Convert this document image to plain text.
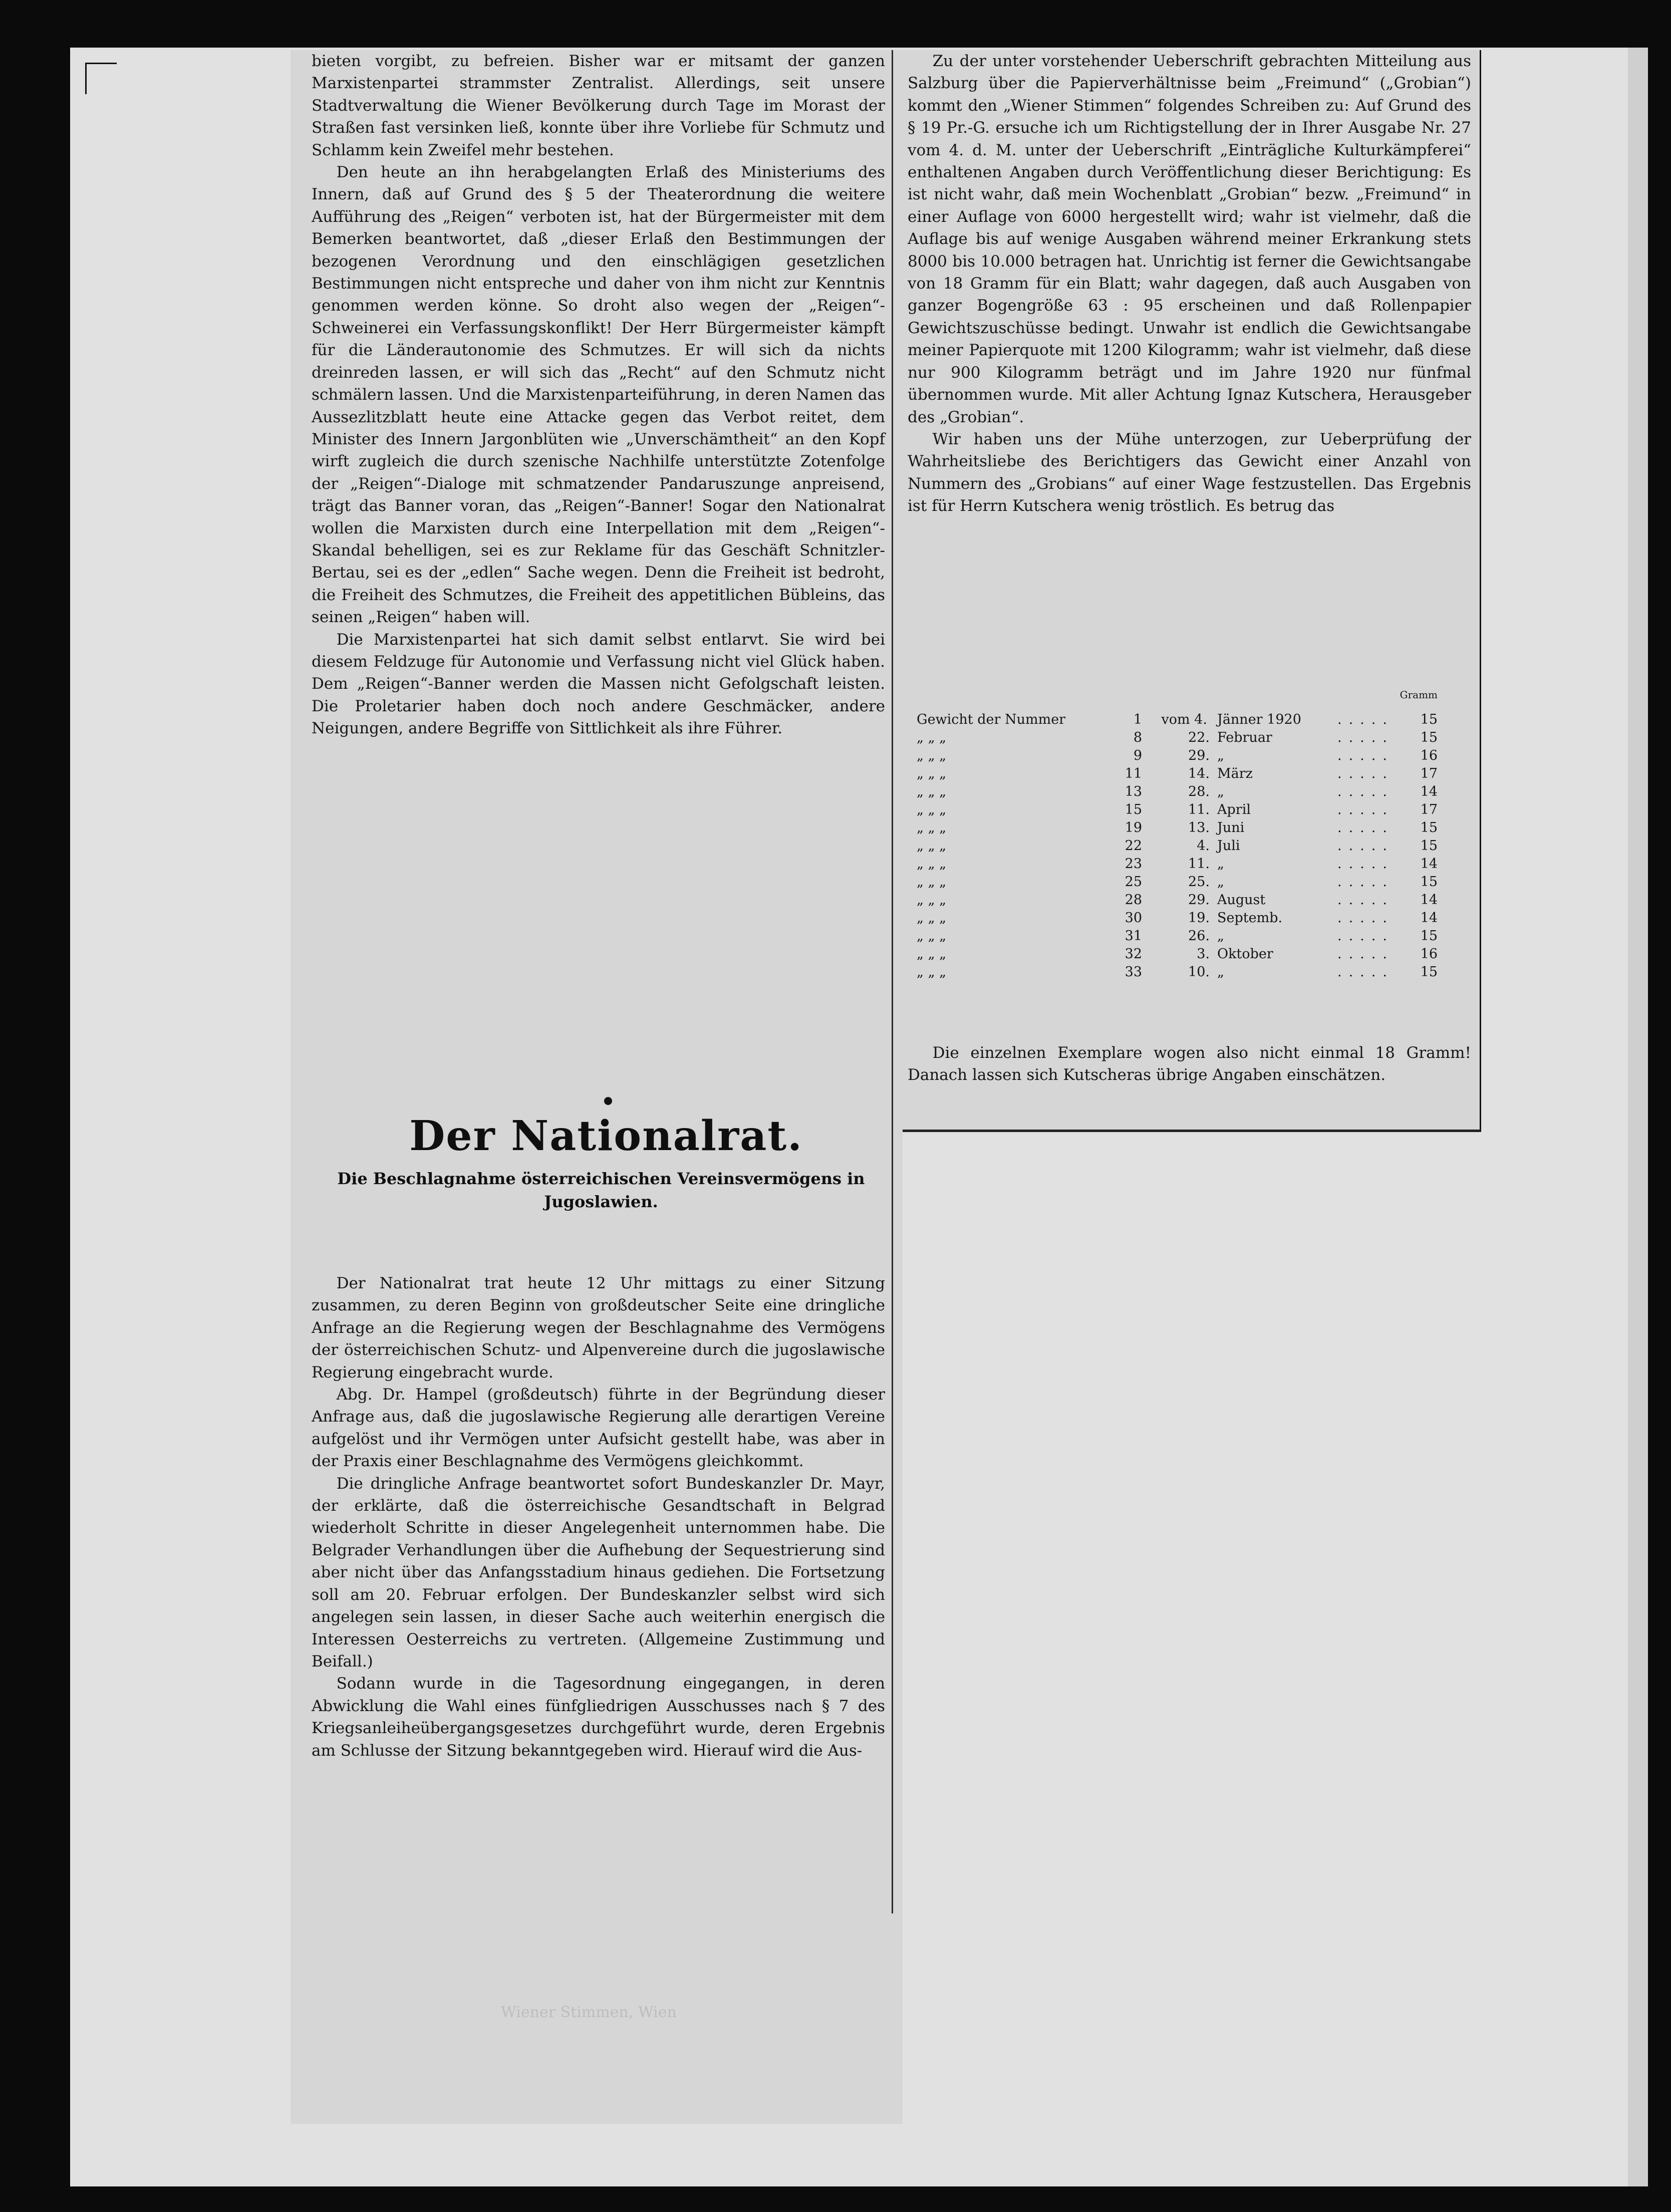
bieten vorgibt, zu befreien. Bisher war er mitsamt der ganzen Marxistenpartei strammster Zentralist. Allerdings, seit unsere Stadtverwaltung die Wiener Bevölkerung durch Tage im Morast der Straßen fast versinken ließ, konnte über ihre Vorliebe für Schmutz und Schlamm kein Zweifel mehr bestehen.

Den heute an ihn herabgelangten Erlaß des Ministeriums des Innern, daß auf Grund des § 5 der Theaterordnung die weitere Aufführung des „Reigen“ verboten ist, hat der Bürgermeister mit dem Bemerken beantwortet, daß „dieser Erlaß den Bestimmungen der bezogenen Verordnung und den einschlägigen gesetzlichen Bestimmungen nicht entspreche und daher von ihm nicht zur Kenntnis genommen werden könne. So droht also wegen der „Reigen“-Schweinerei ein Verfassungskonflikt! Der Herr Bürgermeister kämpft für die Länderautonomie des Schmutzes. Er will sich da nichts dreinreden lassen, er will sich das „Recht“ auf den Schmutz nicht schmälern lassen. Und die Marxistenparteiführung, in deren Namen das Aussezlitzblatt heute eine Attacke gegen das Verbot reitet, dem Minister des Innern Jargonblüten wie „Unverschämtheit“ an den Kopf wirft zugleich die durch szenische Nachhilfe unterstützte Zotenfolge der „Reigen“-Dialoge mit schmatzender Pandaruszunge anpreisend, trägt das Banner voran, das „Reigen“-Banner! Sogar den Nationalrat wollen die Marxisten durch eine Interpellation mit dem „Reigen“-Skandal behelligen, sei es zur Reklame für das Geschäft Schnitzler-Bertau, sei es der „edlen“ Sache wegen. Denn die Freiheit ist bedroht, die Freiheit des Schmutzes, die Freiheit des appetitlichen Bübleins, das seinen „Reigen“ haben will.

Die Marxistenpartei hat sich damit selbst entlarvt. Sie wird bei diesem Feldzuge für Autonomie und Verfassung nicht viel Glück haben. Dem „Reigen“-Banner werden die Massen nicht Gefolgschaft leisten. Die Proletarier haben doch noch andere Geschmäcker, andere Neigungen, andere Begriffe von Sittlichkeit als ihre Führer.

Der Nationalrat.
Die Beschlagnahme österreichischen Vereinsvermögens in Jugoslawien.

Der Nationalrat trat heute 12 Uhr mittags zu einer Sitzung zusammen, zu deren Beginn von großdeutscher Seite eine dringliche Anfrage an die Regierung wegen der Beschlagnahme des Vermögens der österreichischen Schutz- und Alpenvereine durch die jugoslawische Regierung eingebracht wurde.

Abg. Dr. Hampel (großdeutsch) führte in der Begründung dieser Anfrage aus, daß die jugoslawische Regierung alle derartigen Vereine aufgelöst und ihr Vermögen unter Aufsicht gestellt habe, was aber in der Praxis einer Beschlagnahme des Vermögens gleichkommt.

Die dringliche Anfrage beantwortet sofort Bundeskanzler Dr. Mayr, der erklärte, daß die österreichische Gesandtschaft in Belgrad wiederholt Schritte in dieser Angelegenheit unternommen habe. Die Belgrader Verhandlungen über die Aufhebung der Sequestrierung sind aber nicht über das Anfangsstadium hinaus gediehen. Die Fortsetzung soll am 20. Februar erfolgen. Der Bundeskanzler selbst wird sich angelegen sein lassen, in dieser Sache auch weiterhin energisch die Interessen Oesterreichs zu vertreten. (Allgemeine Zustimmung und Beifall.)

Sodann wurde in die Tagesordnung eingegangen, in deren Abwicklung die Wahl eines fünfgliedrigen Ausschusses nach § 7 des Kriegsanleiheübergangsgesetzes durchgeführt wurde, deren Ergebnis am Schlusse der Sitzung bekanntgegeben wird. Hierauf wird die Aus-

Zu der unter vorstehender Ueberschrift gebrachten Mitteilung aus Salzburg über die Papierverhältnisse beim „Freimund“ („Grobian“) kommt den „Wiener Stimmen“ folgendes Schreiben zu: Auf Grund des § 19 Pr.-G. ersuche ich um Richtigstellung der in Ihrer Ausgabe Nr. 27 vom 4. d. M. unter der Ueberschrift „Einträgliche Kulturkämpferei“ enthaltenen Angaben durch Veröffentlichung dieser Berichtigung: Es ist nicht wahr, daß mein Wochenblatt „Grobian“ bezw. „Freimund“ in einer Auflage von 6000 hergestellt wird; wahr ist vielmehr, daß die Auflage bis auf wenige Ausgaben während meiner Erkrankung stets 8000 bis 10.000 betragen hat. Unrichtig ist ferner die Gewichtsangabe von 18 Gramm für ein Blatt; wahr dagegen, daß auch Ausgaben von ganzer Bogengröße 63 : 95 erscheinen und daß Rollenpapier Gewichtszuschüsse bedingt. Unwahr ist endlich die Gewichtsangabe meiner Papierquote mit 1200 Kilogramm; wahr ist vielmehr, daß diese nur 900 Kilogramm beträgt und im Jahre 1920 nur fünfmal übernommen wurde. Mit aller Achtung Ignaz Kutschera, Herausgeber des „Grobian“.

Wir haben uns der Mühe unterzogen, zur Ueberprüfung der Wahrheitsliebe des Berichtigers das Gewicht einer Anzahl von Nummern des „Grobians“ auf einer Wage festzustellen. Das Ergebnis ist für Herrn Kutschera wenig tröstlich. Es betrug das

Gramm
Gewicht der Nummer	1	vom 4. Jänner 1920	..... 15
„ „ „	8	22. Februar	..... 15
„ „ „	9	29. „	..... 16
„ „ „	11	14. März	..... 17
„ „ „	13	28. „	..... 14
„ „ „	15	11. April	..... 17
„ „ „	19	13. Juni	..... 15
„ „ „	22	4. Juli	..... 15
„ „ „	23	11. „	..... 14
„ „ „	25	25. „	..... 15
„ „ „	28	29. August	..... 14
„ „ „	30	19. Septemb.	..... 14
„ „ „	31	26. „	..... 15
„ „ „	32	3. Oktober	..... 16
„ „ „	33	10. „	..... 15

Die einzelnen Exemplare wogen also nicht einmal 18 Gramm! Danach lassen sich Kutscheras übrige Angaben einschätzen.

Wiener Stimmen, Wien
